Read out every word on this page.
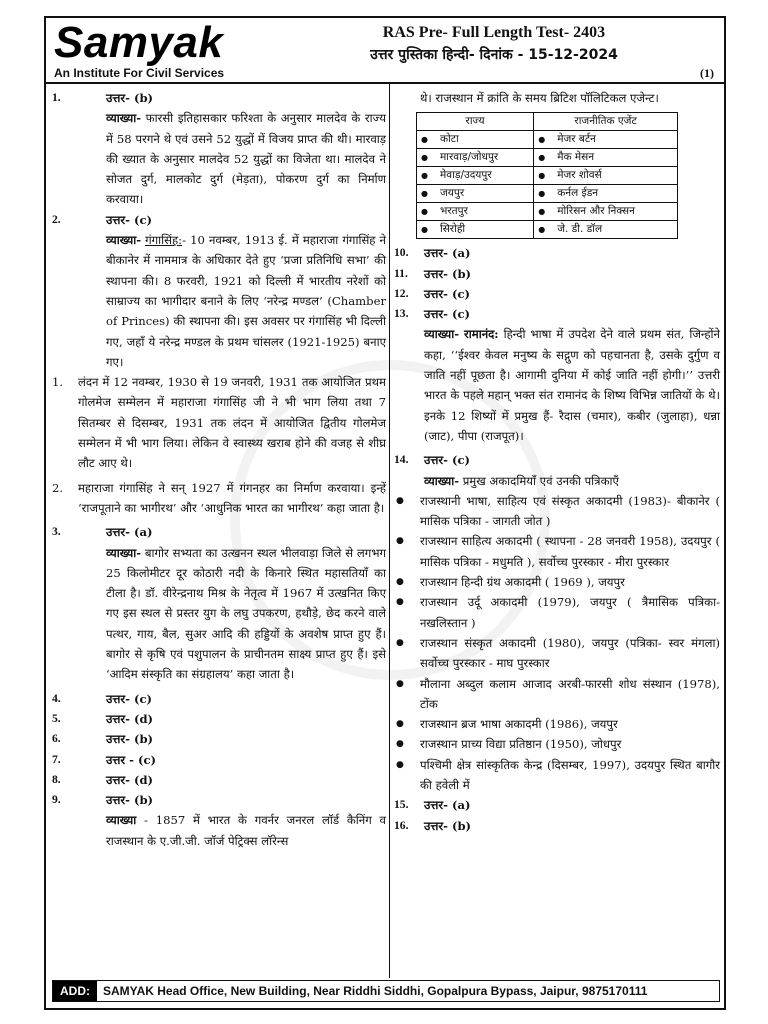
Samyak
An Institute For Civil Services
RAS Pre- Full Length Test- 2403
उत्तर पुस्तिका हिन्दी- दिनांक - 15-12-2024
(1)
1.	उत्तर- (b)
व्याख्या- फारसी इतिहासकार फरिश्ता के अनुसार मालदेव के राज्य में 58 परगने थे एवं उसने 52 युद्धों में विजय प्राप्त की थी। मारवाड़ की ख्यात के अनुसार मालदेव 52 युद्धों का विजेता था। मालदेव ने सोजत दुर्ग, मालकोट दुर्ग (मेड़ता), पोकरण दुर्ग का निर्माण करवाया।
2.	उत्तर- (c)
व्याख्या- गंगासिंह:- 10 नवम्बर, 1913 ई. में महाराजा गंगासिंह ने बीकानेर में नाममात्र के अधिकार देते हुए ‘प्रजा प्रतिनिधि सभा’ की स्थापना की। 8 फरवरी, 1921 को दिल्ली में भारतीय नरेशों को साम्राज्य का भागीदार बनाने के लिए ‘नरेन्द्र मण्डल’ (Chamber of Princes) की स्थापना की। इस अवसर पर गंगासिंह भी दिल्ली गए, जहाँ ये नरेन्द्र मण्डल के प्रथम चांसलर (1921-1925) बनाए गए।
1.	लंदन में 12 नवम्बर, 1930 से 19 जनवरी, 1931 तक आयोजित प्रथम गोलमेज सम्मेलन में महाराजा गंगासिंह जी ने भी भाग लिया तथा 7 सितम्बर से दिसम्बर, 1931 तक लंदन में आयोजित द्वितीय गोलमेज सम्मेलन में भी भाग लिया। लेकिन वे स्वास्थ्य खराब होने की वजह से शीघ्र लौट आए थे।
2.	महाराजा गंगासिंह ने सन् 1927 में गंगनहर का निर्माण करवाया। इन्हें ‘राजपूताने का भागीरथ’ और ‘आधुनिक भारत का भागीरथ’ कहा जाता है।
3.	उत्तर- (a)
व्याख्या- बागोर सभ्यता का उत्खनन स्थल भीलवाड़ा जिले से लगभग 25 किलोमीटर दूर कोठारी नदी के किनारे स्थित महासतियाँ का टीला है। डॉ. वीरेन्द्रनाथ मिश्र के नेतृत्व में 1967 में उत्खनित किए गए इस स्थल से प्रस्तर युग के लघु उपकरण, हथौड़े, छेद करने वाले पत्थर, गाय, बैल, सुअर आदि की हड्डियों के अवशेष प्राप्त हुए हैं। बागोर से कृषि एवं पशुपालन के प्राचीनतम साक्ष्य प्राप्त हुए हैं। इसे ‘आदिम संस्कृति का संग्रहालय’ कहा जाता है।
4.	उत्तर- (c)
5.	उत्तर- (d)
6.	उत्तर- (b)
7.	उत्तर - (c)
8.	उत्तर- (d)
9.	उत्तर- (b)
व्याख्या - 1857 में भारत के गवर्नर जनरल लॉर्ड कैनिंग व राजस्थान के ए.जी.जी. जॉर्ज पेट्रिक्स लॉरेन्स
थे। राजस्थान में क्रांति के समय ब्रिटिश पॉलिटिकल एजेन्ट।
राज्य	राजनीतिक एजेंट
● कोटा	● मेजर बर्टन
● मारवाड़/जोधपुर	● मैक मेसन
● मेवाड़/उदयपुर	● मेजर शोवर्स
● जयपुर	● कर्नल ईडन
● भरतपुर	● मोरिसन और निक्सन
● सिरोही	● जे. डी. डॉल
10.	उत्तर- (a)
11.	उत्तर- (b)
12.	उत्तर- (c)
13.	उत्तर- (c)
व्याख्या- रामानंद: हिन्दी भाषा में उपदेश देने वाले प्रथम संत, जिन्होंने कहा, ‘‘ईश्वर केवल मनुष्य के सद्गुण को पहचानता है, उसके दुर्गुण व जाति नहीं पूछता है। आगामी दुनिया में कोई जाति नहीं होगी।’’ उत्तरी भारत के पहले महान् भक्त संत रामानंद के शिष्य विभिन्न जातियों के थे। इनके 12 शिष्यों में प्रमुख हैं- रैदास (चमार), कबीर (जुलाहा), धन्ना (जाट), पीपा (राजपूत)।
14.	उत्तर- (c)
व्याख्या- प्रमुख अकादमियाँ एवं उनकी पत्रिकाएँ
●	राजस्थानी भाषा, साहित्य एवं संस्कृत अकादमी (1983)- बीकानेर ( मासिक पत्रिका - जागती जोत )
●	राजस्थान साहित्य अकादमी ( स्थापना - 28 जनवरी 1958), उदयपुर ( मासिक पत्रिका - मधुमति ), सर्वोच्च पुरस्कार - मीरा पुरस्कार
●	राजस्थान हिन्दी ग्रंथ अकादमी ( 1969 ), जयपुर
●	राजस्थान उर्दू अकादमी (1979), जयपुर ( त्रैमासिक पत्रिका- नखलिस्तान )
●	राजस्थान संस्कृत अकादमी (1980), जयपुर (पत्रिका- स्वर मंगला) सर्वोच्च पुरस्कार - माघ पुरस्कार
●	मौलाना अब्दुल कलाम आजाद अरबी-फारसी शोध संस्थान (1978), टोंक
●	राजस्थान ब्रज भाषा अकादमी (1986), जयपुर
●	राजस्थान प्राच्य विद्या प्रतिष्ठान (1950), जोधपुर
●	पश्चिमी क्षेत्र सांस्कृतिक केन्द्र (दिसम्बर, 1997), उदयपुर स्थित बागौर की हवेली में
15.	उत्तर- (a)
16.	उत्तर- (b)
ADD:	SAMYAK Head Office, New Building, Near Riddhi Siddhi, Gopalpura Bypass, Jaipur, 9875170111
